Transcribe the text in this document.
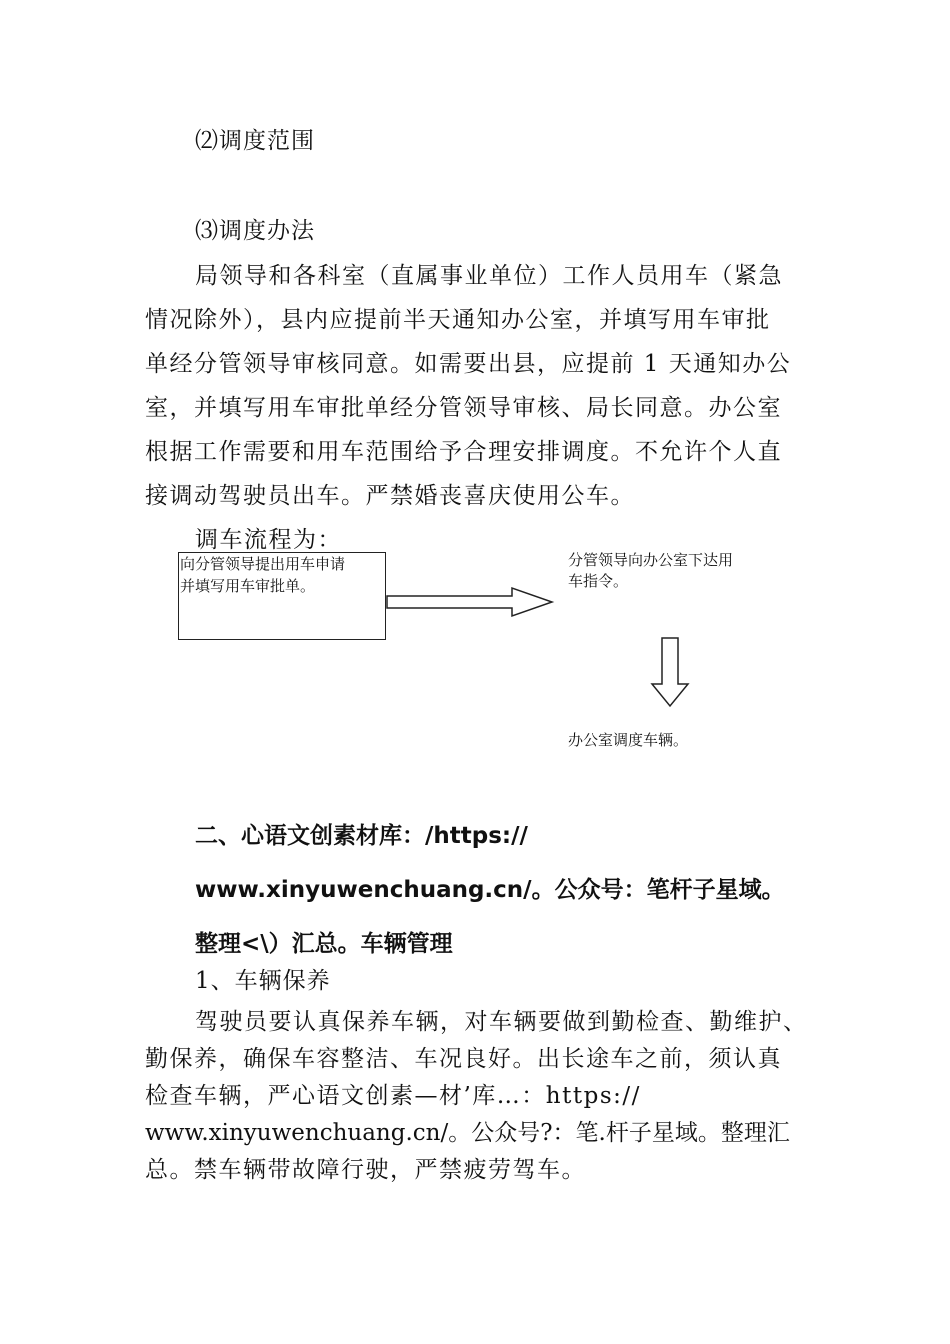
⑵调度范围
⑶调度办法
局领导和各科室（直属事业单位）工作人员用车（紧急
情况除外），县内应提前半天通知办公室，并填写用车审批
单经分管领导审核同意。如需要出县，应提前 1 天通知办公
室，并填写用车审批单经分管领导审核、局长同意。办公室
根据工作需要和用车范围给予合理安排调度。不允许个人直
接调动驾驶员出车。严禁婚丧喜庆使用公车。
调车流程为：
向分管领导提出用车申请
并填写用车审批单。
分管领导向办公室下达用
车指令。
办公室调度车辆。
二、心语文创素材库：/https://
www.xinyuwenchuang.cn/。公众号：笔杆子星域。
整理<\）汇总。车辆管理
1、车辆保养
驾驶员要认真保养车辆，对车辆要做到勤检查、勤维护、
勤保养，确保车容整洁、车况良好。出长途车之前，须认真
检查车辆，严心语文创素—材’库…：https://
www.xinyuwenchuang.cn/。公众号?：笔.杆子星域。整理汇
总。禁车辆带故障行驶，严禁疲劳驾车。
